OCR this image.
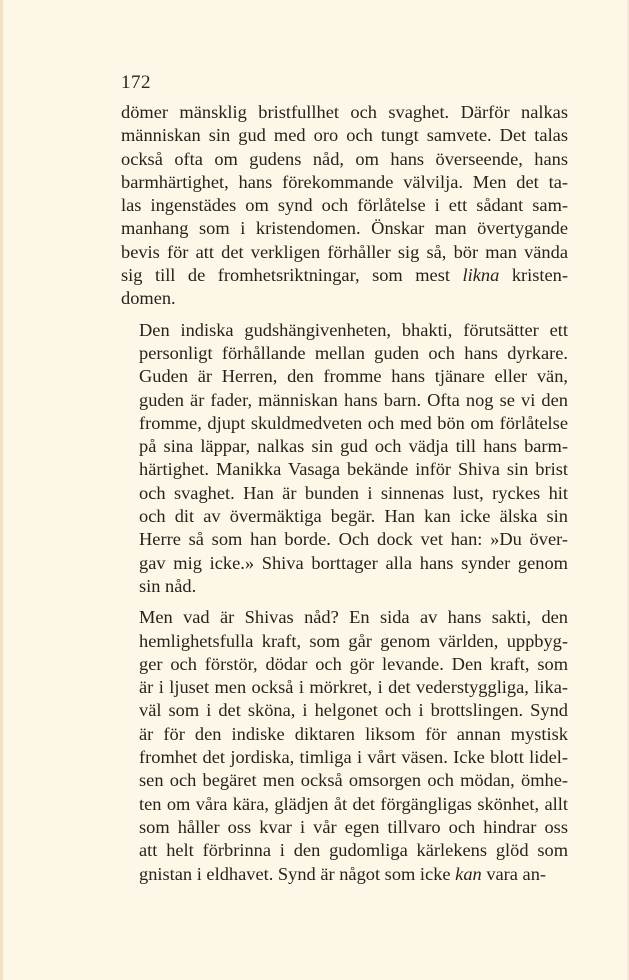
172
dömer mänsklig bristfullhet och svaghet. Därför nalkas
människan sin gud med oro och tungt samvete. Det talas
också ofta om gudens nåd, om hans överseende, hans
barmhärtighet, hans förekommande välvilja. Men det ta-
las ingenstädes om synd och förlåtelse i ett sådant sam-
manhang som i kristendomen. Önskar man övertygande
bevis för att det verkligen förhåller sig så, bör man vända
sig till de fromhetsriktningar, som mest likna kristen-
domen.
Den indiska gudshängivenheten, bhakti, förutsätter ett
personligt förhållande mellan guden och hans dyrkare.
Guden är Herren, den fromme hans tjänare eller vän,
guden är fader, människan hans barn. Ofta nog se vi den
fromme, djupt skuldmedveten och med bön om förlåtelse
på sina läppar, nalkas sin gud och vädja till hans barm-
härtighet. Manikka Vasaga bekände inför Shiva sin brist
och svaghet. Han är bunden i sinnenas lust, ryckes hit
och dit av övermäktiga begär. Han kan icke älska sin
Herre så som han borde. Och dock vet han: »Du över-
gav mig icke.» Shiva borttager alla hans synder genom
sin nåd.
Men vad är Shivas nåd? En sida av hans sakti, den
hemlighetsfulla kraft, som går genom världen, uppbyg-
ger och förstör, dödar och gör levande. Den kraft, som
är i ljuset men också i mörkret, i det vederstyggliga, lika-
väl som i det sköna, i helgonet och i brottslingen. Synd
är för den indiske diktaren liksom för annan mystisk
fromhet det jordiska, timliga i vårt väsen. Icke blott lidel-
sen och begäret men också omsorgen och mödan, ömhe-
ten om våra kära, glädjen åt det förgängligas skönhet, allt
som håller oss kvar i vår egen tillvaro och hindrar oss
att helt förbrinna i den gudomliga kärlekens glöd som
gnistan i eldhavet. Synd är något som icke kan vara an-
